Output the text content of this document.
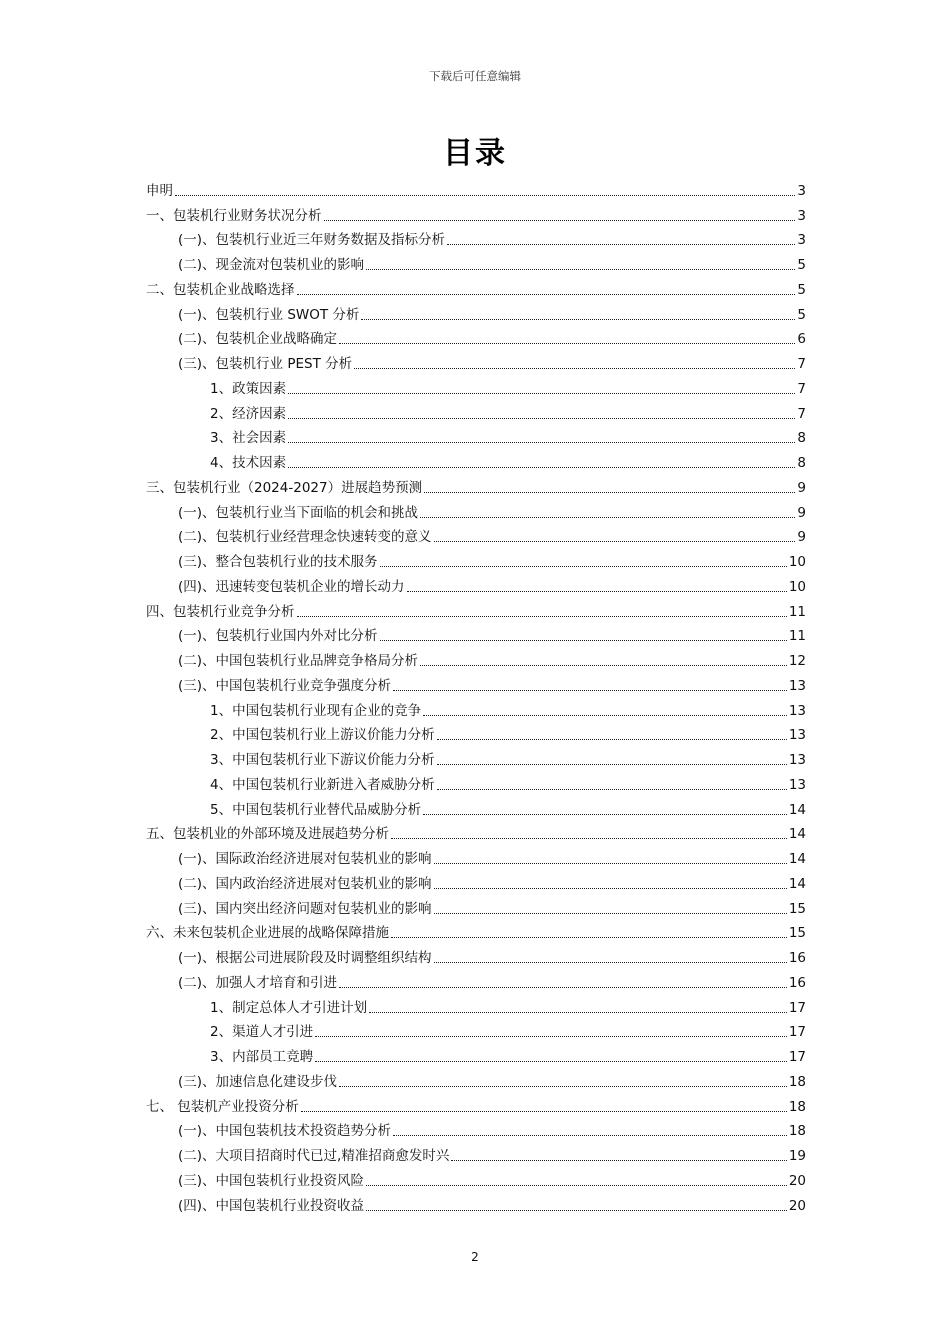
下载后可任意编辑
目录
申明	3
一、包装机行业财务状况分析	3
(一)、包装机行业近三年财务数据及指标分析	3
(二)、现金流对包装机业的影响	5
二、包装机企业战略选择	5
(一)、包装机行业 SWOT 分析	5
(二)、包装机企业战略确定	6
(三)、包装机行业 PEST 分析	7
1、政策因素	7
2、经济因素	7
3、社会因素	8
4、技术因素	8
三、包装机行业（2024-2027）进展趋势预测	9
(一)、包装机行业当下面临的机会和挑战	9
(二)、包装机行业经营理念快速转变的意义	9
(三)、整合包装机行业的技术服务	10
(四)、迅速转变包装机企业的增长动力	10
四、包装机行业竞争分析	11
(一)、包装机行业国内外对比分析	11
(二)、中国包装机行业品牌竞争格局分析	12
(三)、中国包装机行业竞争强度分析	13
1、中国包装机行业现有企业的竞争	13
2、中国包装机行业上游议价能力分析	13
3、中国包装机行业下游议价能力分析	13
4、中国包装机行业新进入者威胁分析	13
5、中国包装机行业替代品威胁分析	14
五、包装机业的外部环境及进展趋势分析	14
(一)、国际政治经济进展对包装机业的影响	14
(二)、国内政治经济进展对包装机业的影响	14
(三)、国内突出经济问题对包装机业的影响	15
六、未来包装机企业进展的战略保障措施	15
(一)、根据公司进展阶段及时调整组织结构	16
(二)、加强人才培育和引进	16
1、制定总体人才引进计划	17
2、渠道人才引进	17
3、内部员工竞聘	17
(三)、加速信息化建设步伐	18
七、 包装机产业投资分析	18
(一)、中国包装机技术投资趋势分析	18
(二)、大项目招商时代已过,精准招商愈发时兴	19
(三)、中国包装机行业投资风险	20
(四)、中国包装机行业投资收益	20
2
